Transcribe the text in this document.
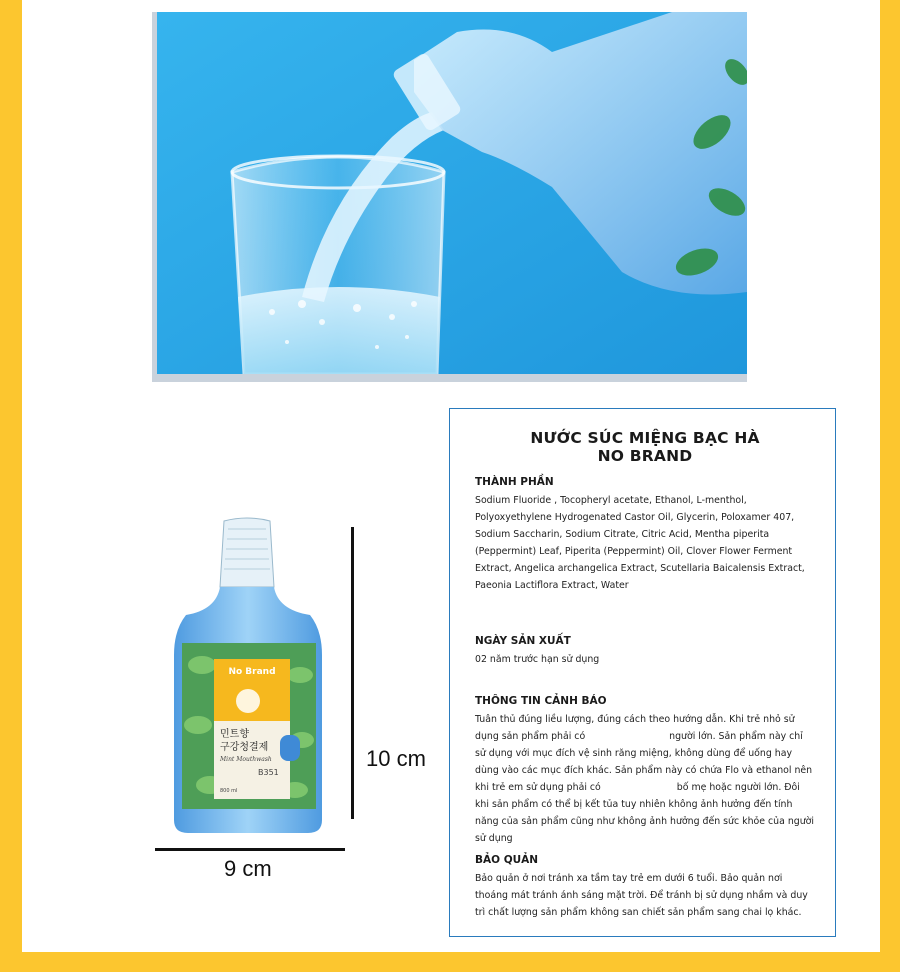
No Brand
민트향
구강청결제
Mint Mouthwash
B351
800 ml
10 cm
9 cm
NƯỚC SÚC MIỆNG BẠC HÀ
NO BRAND
THÀNH PHẦN

Sodium Fluoride , Tocopheryl acetate, Ethanol, L-menthol, Polyoxyethylene Hydrogenated Castor Oil, Glycerin, Poloxamer 407, Sodium Saccharin, Sodium Citrate, Citric Acid, Mentha piperita (Peppermint) Leaf, Piperita (Peppermint) Oil, Clover Flower Ferment Extract, Angelica archangelica Extract, Scutellaria Baicalensis Extract, Paeonia Lactiflora Extract, Water

NGÀY SẢN XUẤT

02 năm trước hạn sử dụng

THÔNG TIN CẢNH BÁO

Tuân thủ đúng liều lượng, đúng cách theo hướng dẫn. Khi trẻ nhỏ sử dụng sản phẩm phải có	người lớn. Sản phẩm này chỉ sử dụng với mục đích vệ sinh răng miệng, không dùng để uống hay dùng vào các mục đích khác. Sản phẩm này có chứa Flo và ethanol nên khi trẻ em sử dụng phải có	bố mẹ hoặc người lớn. Đôi khi sản phẩm có thể bị kết tủa tuy nhiên không ảnh hưởng đến tính năng của sản phẩm cũng như không ảnh hưởng đến sức khỏe của người sử dụng

BẢO QUẢN

Bảo quản ở nơi tránh xa tầm tay trẻ em dưới 6 tuổi. Bảo quản nơi thoáng mát tránh ánh sáng mặt trời. Để tránh bị sử dụng nhầm và duy trì chất lượng sản phẩm không san chiết sản phẩm sang chai lọ khác.
